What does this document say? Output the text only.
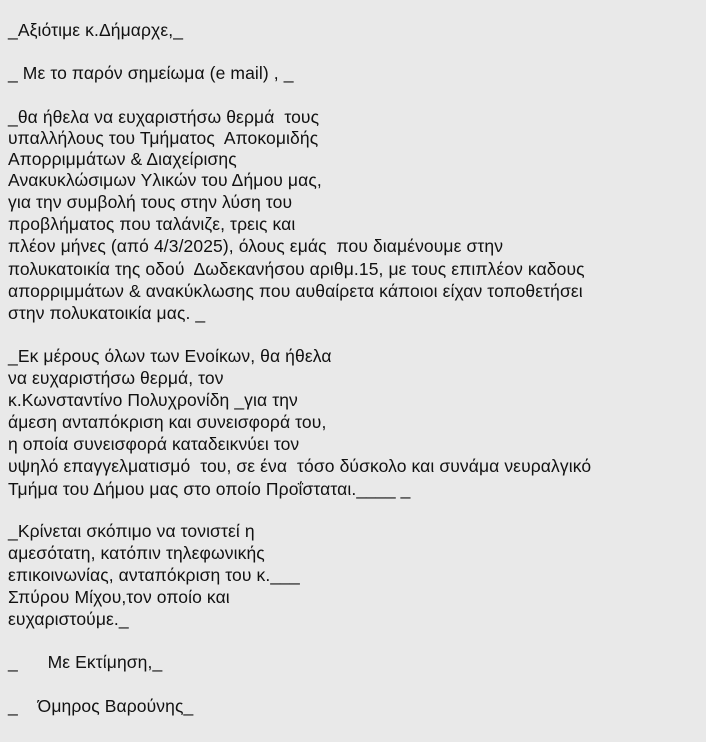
_Αξιότιμε κ.Δήμαρχε,_
_ Με το παρόν σημείωμα (e mail) , _
_θα ήθελα να ευχαριστήσω θερμά  τους
υπαλλήλους του Τμήματος  Αποκομιδής
Απορριμμάτων & Διαχείρισης
Ανακυκλώσιμων Υλικών του Δήμου μας,
για την συμβολή τους στην λύση του
προβλήματος που ταλάνιζε, τρεις και
πλέον μήνες (από 4/3/2025), όλους εμάς  που διαμένουμε στην
πολυκατοικία της οδού  Δωδεκανήσου αριθμ.15, με τους επιπλέον καδους
απορριμμάτων & ανακύκλωσης που αυθαίρετα κάποιοι είχαν τοποθετήσει
στην πολυκατοικία μας. _
_Εκ μέρους όλων των Ενοίκων, θα ήθελα
να ευχαριστήσω θερμά, τον
κ.Κωνσταντίνο Πολυχρονίδη _για την
άμεση ανταπόκριση και συνεισφορά του,
η οποία συνεισφορά καταδεικνύει τον
υψηλό επαγγελματισμό  του, σε ένα  τόσο δύσκολο και συνάμα νευραλγικό
Τμήμα του Δήμου μας στο οποίο Προΐσταται.____ _
_Κρίνεται σκόπιμο να τονιστεί η
αμεσότατη, κατόπιν τηλεφωνικής
επικοινωνίας, ανταπόκριση του κ.___
Σπύρου Μίχου,τον οποίο και
ευχαριστούμε._
_      Με Εκτίμηση,_
_    Όμηρος Βαρούνης_
